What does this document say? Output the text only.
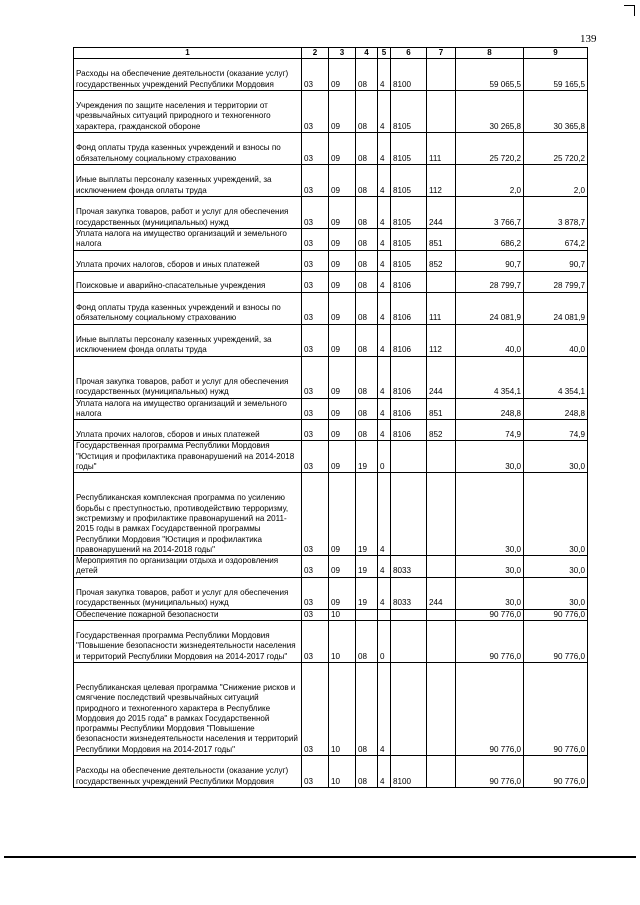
139
1	2	3	4	5	6	7	8	9
Расходы на обеспечение деятельности (оказание услуг) государственных учреждений Республики Мордовия	03	09	08	4	8100		59 065,5	59 165,5
Учреждения по защите населения и территории от чрезвычайных ситуаций природного и техногенного характера, гражданской обороне	03	09	08	4	8105		30 265,8	30 365,8
Фонд оплаты труда казенных учреждений и взносы по обязательному социальному страхованию	03	09	08	4	8105	111	25 720,2	25 720,2
Иные выплаты персоналу казенных учреждений, за исключением фонда оплаты труда	03	09	08	4	8105	112	2,0	2,0
Прочая закупка товаров, работ и услуг для обеспечения государственных (муниципальных) нужд	03	09	08	4	8105	244	3 766,7	3 878,7
Уплата налога на имущество организаций и земельного налога	03	09	08	4	8105	851	686,2	674,2
Уплата прочих налогов, сборов и иных платежей	03	09	08	4	8105	852	90,7	90,7
Поисковые и аварийно-спасательные учреждения	03	09	08	4	8106		28 799,7	28 799,7
Фонд оплаты труда казенных учреждений и взносы по обязательному социальному страхованию	03	09	08	4	8106	111	24 081,9	24 081,9
Иные выплаты персоналу казенных учреждений, за исключением фонда оплаты труда	03	09	08	4	8106	112	40,0	40,0
Прочая закупка товаров, работ и услуг для обеспечения государственных (муниципальных) нужд	03	09	08	4	8106	244	4 354,1	4 354,1
Уплата налога на имущество организаций и земельного налога	03	09	08	4	8106	851	248,8	248,8
Уплата прочих налогов, сборов и иных платежей	03	09	08	4	8106	852	74,9	74,9
Государственная программа Республики Мордовия "Юстиция и профилактика правонарушений на 2014-2018 годы"	03	09	19	0			30,0	30,0
Республиканская комплексная программа по усилению борьбы с преступностью, противодействию терроризму, экстремизму и профилактике правонарушений на 2011-2015 годы в рамках Государственной программы Республики Мордовия "Юстиция и профилактика правонарушений на 2014-2018 годы"	03	09	19	4			30,0	30,0
Мероприятия по организации отдыха и оздоровления детей	03	09	19	4	8033		30,0	30,0
Прочая закупка товаров, работ и услуг для обеспечения государственных (муниципальных) нужд	03	09	19	4	8033	244	30,0	30,0
Обеспечение пожарной безопасности	03	10					90 776,0	90 776,0
Государственная программа Республики Мордовия "Повышение безопасности жизнедеятельности населения и территорий Республики Мордовия на 2014-2017 годы"	03	10	08	0			90 776,0	90 776,0
Республиканская целевая программа "Снижение рисков и смягчение последствий чрезвычайных ситуаций природного и техногенного характера в Республике Мордовия до 2015 года" в рамках Государственной программы Республики Мордовия "Повышение безопасности жизнедеятельности населения и территорий Республики Мордовия на 2014-2017 годы"	03	10	08	4			90 776,0	90 776,0
Расходы на обеспечение деятельности (оказание услуг) государственных учреждений Республики Мордовия	03	10	08	4	8100		90 776,0	90 776,0
